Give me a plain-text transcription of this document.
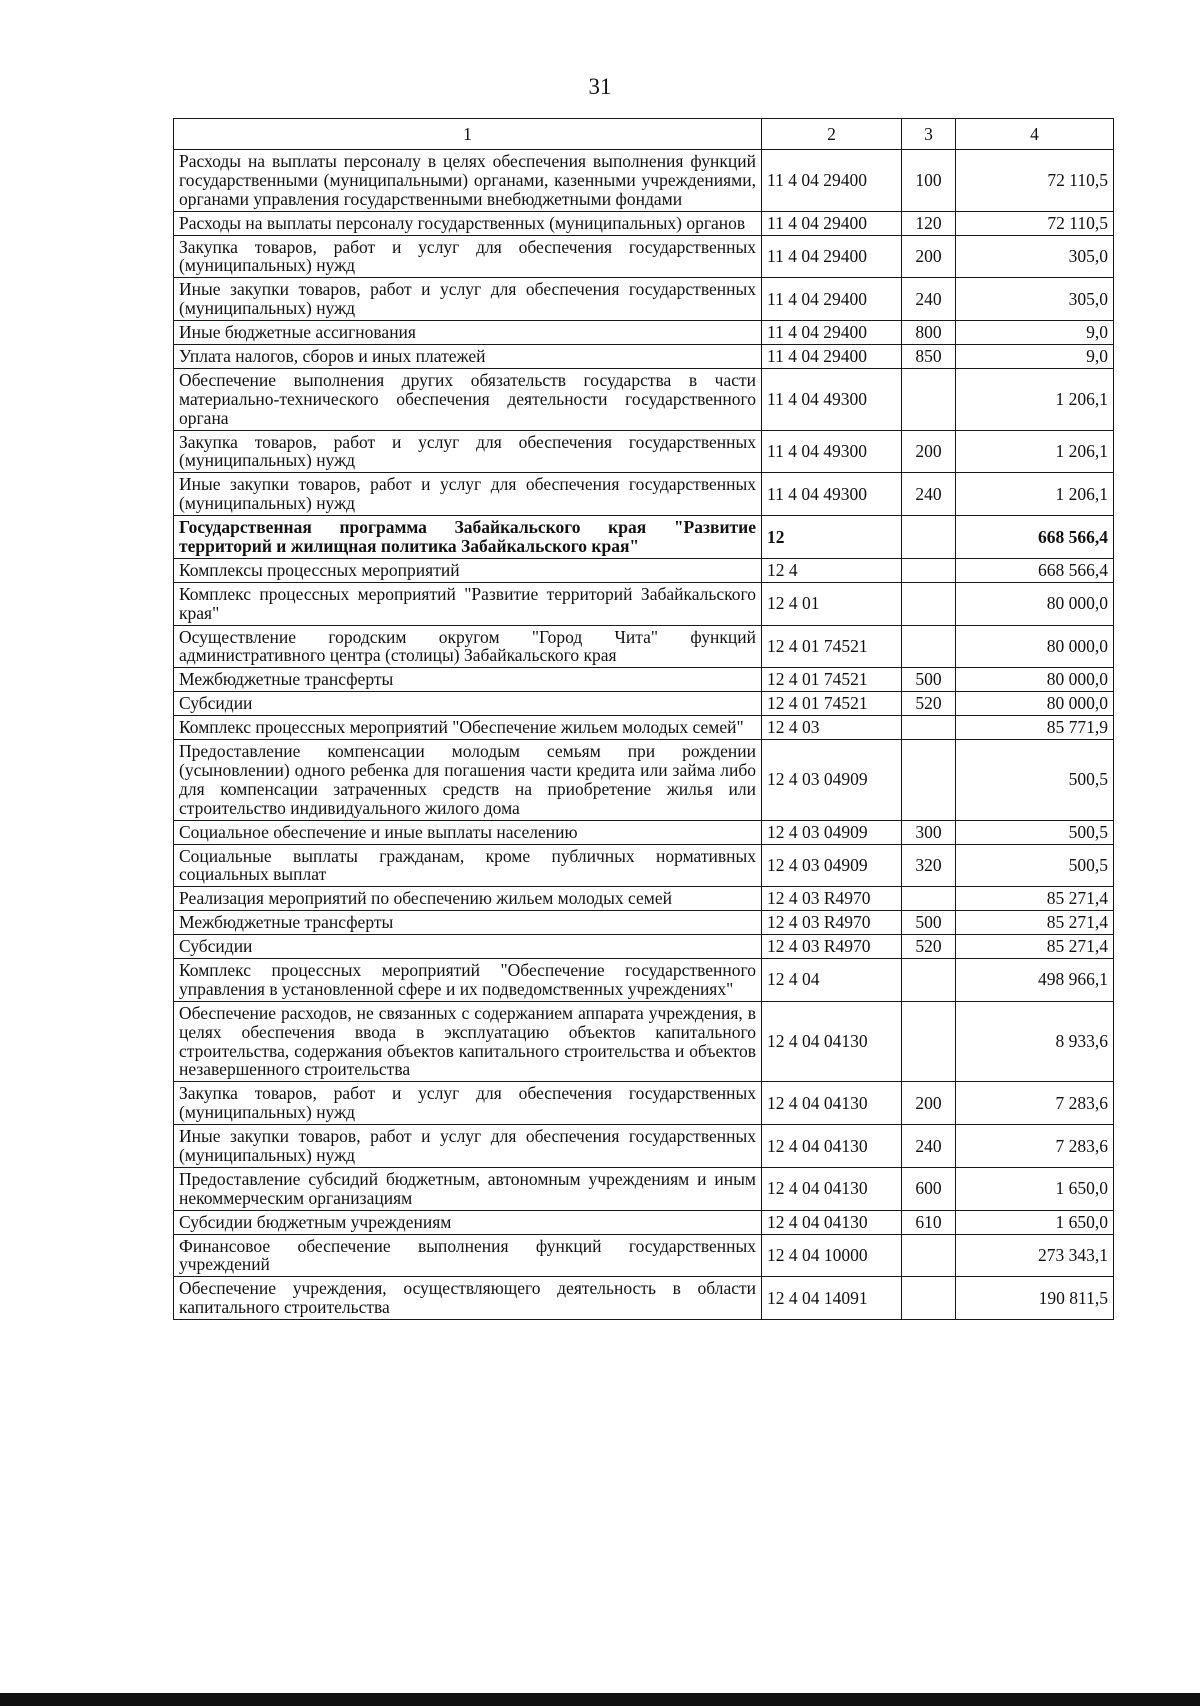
31
1	2	3	4
Расходы на выплаты персоналу в целях обеспечения выполнения функций государственными (муниципальными) органами, казенными учреждениями, органами управления государственными внебюджетными фондами	11 4 04 29400	100	72 110,5
Расходы на выплаты персоналу государственных (муниципальных) органов	11 4 04 29400	120	72 110,5
Закупка товаров, работ и услуг для обеспечения государственных (муниципальных) нужд	11 4 04 29400	200	305,0
Иные закупки товаров, работ и услуг для обеспечения государственных (муниципальных) нужд	11 4 04 29400	240	305,0
Иные бюджетные ассигнования	11 4 04 29400	800	9,0
Уплата налогов, сборов и иных платежей	11 4 04 29400	850	9,0
Обеспечение выполнения других обязательств государства в части материально-технического обеспечения деятельности государственного органа	11 4 04 49300		1 206,1
Закупка товаров, работ и услуг для обеспечения государственных (муниципальных) нужд	11 4 04 49300	200	1 206,1
Иные закупки товаров, работ и услуг для обеспечения государственных (муниципальных) нужд	11 4 04 49300	240	1 206,1
Государственная программа Забайкальского края "Развитие территорий и жилищная политика Забайкальского края"	12		668 566,4
Комплексы процессных мероприятий	12 4		668 566,4
Комплекс процессных мероприятий "Развитие территорий Забайкальского края"	12 4 01		80 000,0
Осуществление городским округом "Город Чита" функций административного центра (столицы) Забайкальского края	12 4 01 74521		80 000,0
Межбюджетные трансферты	12 4 01 74521	500	80 000,0
Субсидии	12 4 01 74521	520	80 000,0
Комплекс процессных мероприятий "Обеспечение жильем молодых семей"	12 4 03		85 771,9
Предоставление компенсации молодым семьям при рождении (усыновлении) одного ребенка для погашения части кредита или займа либо для компенсации затраченных средств на приобретение жилья или строительство индивидуального жилого дома	12 4 03 04909		500,5
Социальное обеспечение и иные выплаты населению	12 4 03 04909	300	500,5
Социальные выплаты гражданам, кроме публичных нормативных социальных выплат	12 4 03 04909	320	500,5
Реализация мероприятий по обеспечению жильем молодых семей	12 4 03 R4970		85 271,4
Межбюджетные трансферты	12 4 03 R4970	500	85 271,4
Субсидии	12 4 03 R4970	520	85 271,4
Комплекс процессных мероприятий "Обеспечение государственного управления в установленной сфере и их подведомственных учреждениях"	12 4 04		498 966,1
Обеспечение расходов, не связанных с содержанием аппарата учреждения, в целях обеспечения ввода в эксплуатацию объектов капитального строительства, содержания объектов капитального строительства и объектов незавершенного строительства	12 4 04 04130		8 933,6
Закупка товаров, работ и услуг для обеспечения государственных (муниципальных) нужд	12 4 04 04130	200	7 283,6
Иные закупки товаров, работ и услуг для обеспечения государственных (муниципальных) нужд	12 4 04 04130	240	7 283,6
Предоставление субсидий бюджетным, автономным учреждениям и иным некоммерческим организациям	12 4 04 04130	600	1 650,0
Субсидии бюджетным учреждениям	12 4 04 04130	610	1 650,0
Финансовое обеспечение выполнения функций государственных учреждений	12 4 04 10000		273 343,1
Обеспечение учреждения, осуществляющего деятельность в области капитального строительства	12 4 04 14091		190 811,5
